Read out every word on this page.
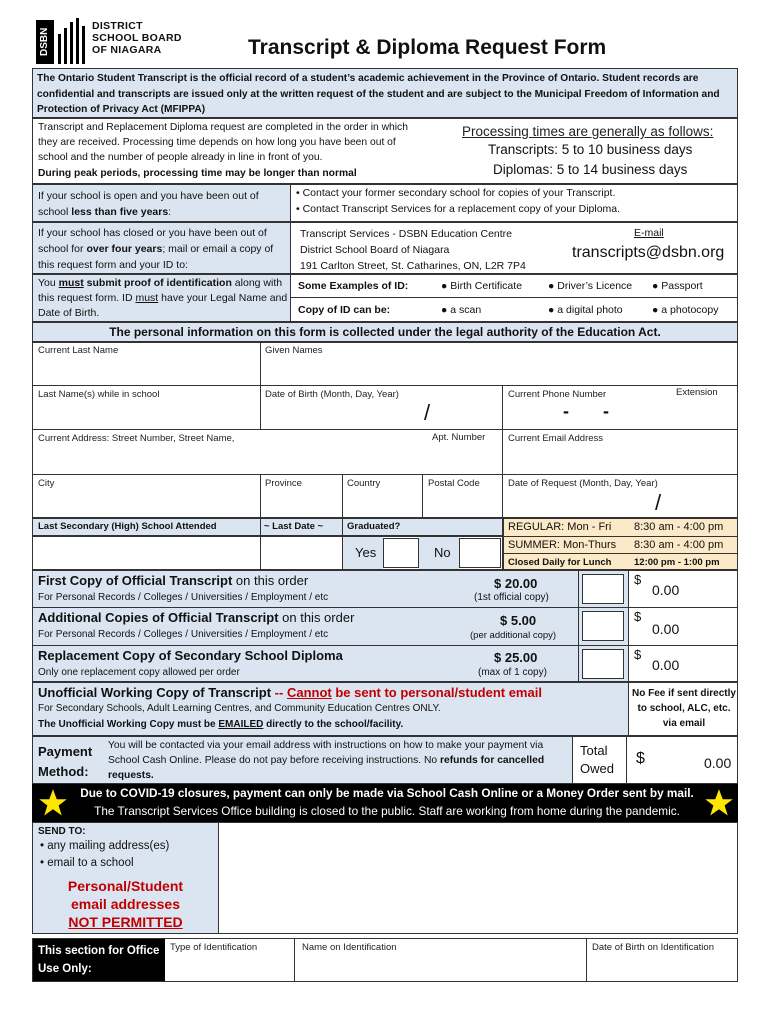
DSBN
DISTRICT
SCHOOL BOARD
OF NIAGARA	Transcript & Diploma Request Form
The Ontario Student Transcript is the official record of a student’s academic achievement in the Province of Ontario. Student records are confidential and transcripts are issued only at the written request of the student and are subject to the Municipal Freedom of Information and Protection of Privacy Act (MFIPPA)
Transcript and Replacement Diploma request are completed in the order in which they are received. Processing time depends on how long you have been out of school and the number of people already in line in front of you.
During peak periods, processing time may be longer than normal
Processing times are generally as follows:
Transcripts: 5 to 10 business days
Diplomas: 5 to 14 business days
If your school is open and you have been out of school less than five years:
• Contact your former secondary school for copies of your Transcript.
• Contact Transcript Services for a replacement copy of your Diploma.
If your school has closed or you have been out of school for over four years; mail or email a copy of this request form and your ID to:
Transcript Services - DSBN Education Centre
District School Board of Niagara
191 Carlton Street, St. Catharines, ON, L2R 7P4
E-mail
transcripts@dsbn.org
You must submit proof of identification along with this request form. ID must have your Legal Name and Date of Birth.
Some Examples of ID:	● Birth Certificate ● Driver’s Licence ● Passport
Copy of ID can be:	● a scan	● a digital photo	● a photocopy
The personal information on this form is collected under the legal authority of the Education Act.
Current Last Name	Given Names
Last Name(s) while in school	Date of Birth (Month, Day, Year)
/
Current Phone Number	Extension
- -
Current Address: Street Number, Street Name,	Apt. Number Current Email Address
City	Province	Country	Postal Code	Date of Request (Month, Day, Year)
/
Last Secondary (High) School Attended	~ Last Date ~	Graduated?
Yes	No
REGULAR: Mon - Fri 8:30 am - 4:00 pm
SUMMER: Mon-Thurs 8:30 am - 4:00 pm
Closed Daily for Lunch 12:00 pm - 1:00 pm
First Copy of Official Transcript on this order
For Personal Records / Colleges / Universities / Employment / etc
$ 20.00
(1st official copy)
$
0.00
Additional Copies of Official Transcript on this order
For Personal Records / Colleges / Universities / Employment / etc
$ 5.00
(per additional copy)
$
0.00
Replacement Copy of Secondary School Diploma
Only one replacement copy allowed per order
$ 25.00
(max of 1 copy)
$
0.00
Unofficial Working Copy of Transcript -- Cannot be sent to personal/student email
For Secondary Schools, Adult Learning Centres, and Community Education Centres ONLY.
The Unofficial Working Copy must be EMAILED directly to the school/facility.
No Fee if sent directly to school, ALC, etc. via email
Payment Method:
You will be contacted via your email address with instructions on how to make your payment via School Cash Online. Please do not pay before receiving instructions. No refunds for cancelled requests.
Total Owed
$	0.00
Due to COVID-19 closures, payment can only be made via School Cash Online or a Money Order sent by mail.
The Transcript Services Office building is closed to the public. Staff are working from home during the pandemic.
SEND TO:
• any mailing address(es)
• email to a school
Personal/Student
email addresses
NOT PERMITTED
This section for Office Use Only:
Type of Identification	Name on Identification	Date of Birth on Identification
